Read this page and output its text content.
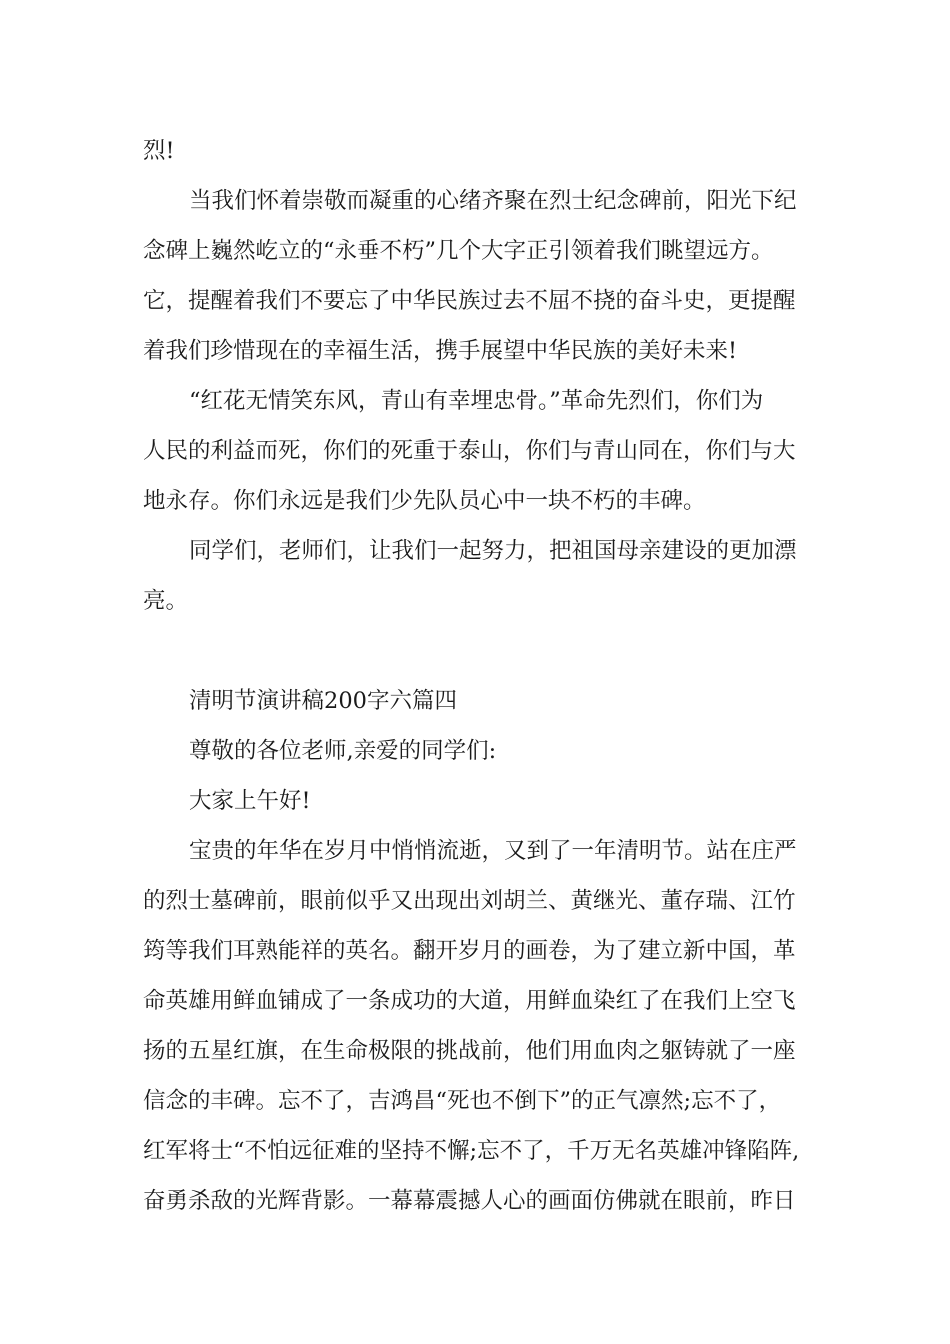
烈!
当我们怀着崇敬而凝重的心绪齐聚在烈士纪念碑前，阳光下纪
念碑上巍然屹立的“永垂不朽”几个大字正引领着我们眺望远方。
它，提醒着我们不要忘了中华民族过去不屈不挠的奋斗史，更提醒
着我们珍惜现在的幸福生活，携手展望中华民族的美好未来!
“红花无情笑东风，青山有幸埋忠骨。”革命先烈们，你们为
人民的利益而死，你们的死重于泰山，你们与青山同在，你们与大
地永存。你们永远是我们少先队员心中一块不朽的丰碑。
同学们，老师们，让我们一起努力，把祖国母亲建设的更加漂
亮。
清明节演讲稿200字六篇四
尊敬的各位老师,亲爱的同学们:
大家上午好!
宝贵的年华在岁月中悄悄流逝，又到了一年清明节。站在庄严
的烈士墓碑前，眼前似乎又出现出刘胡兰、黄继光、董存瑞、江竹
筠等我们耳熟能祥的英名。翻开岁月的画卷，为了建立新中国，革
命英雄用鲜血铺成了一条成功的大道，用鲜血染红了在我们上空飞
扬的五星红旗，在生命极限的挑战前，他们用血肉之躯铸就了一座
信念的丰碑。忘不了，吉鸿昌“死也不倒下”的正气凛然;忘不了，
红军将士“不怕远征难的坚持不懈;忘不了，千万无名英雄冲锋陷阵,
奋勇杀敌的光辉背影。一幕幕震撼人心的画面仿佛就在眼前，昨日
